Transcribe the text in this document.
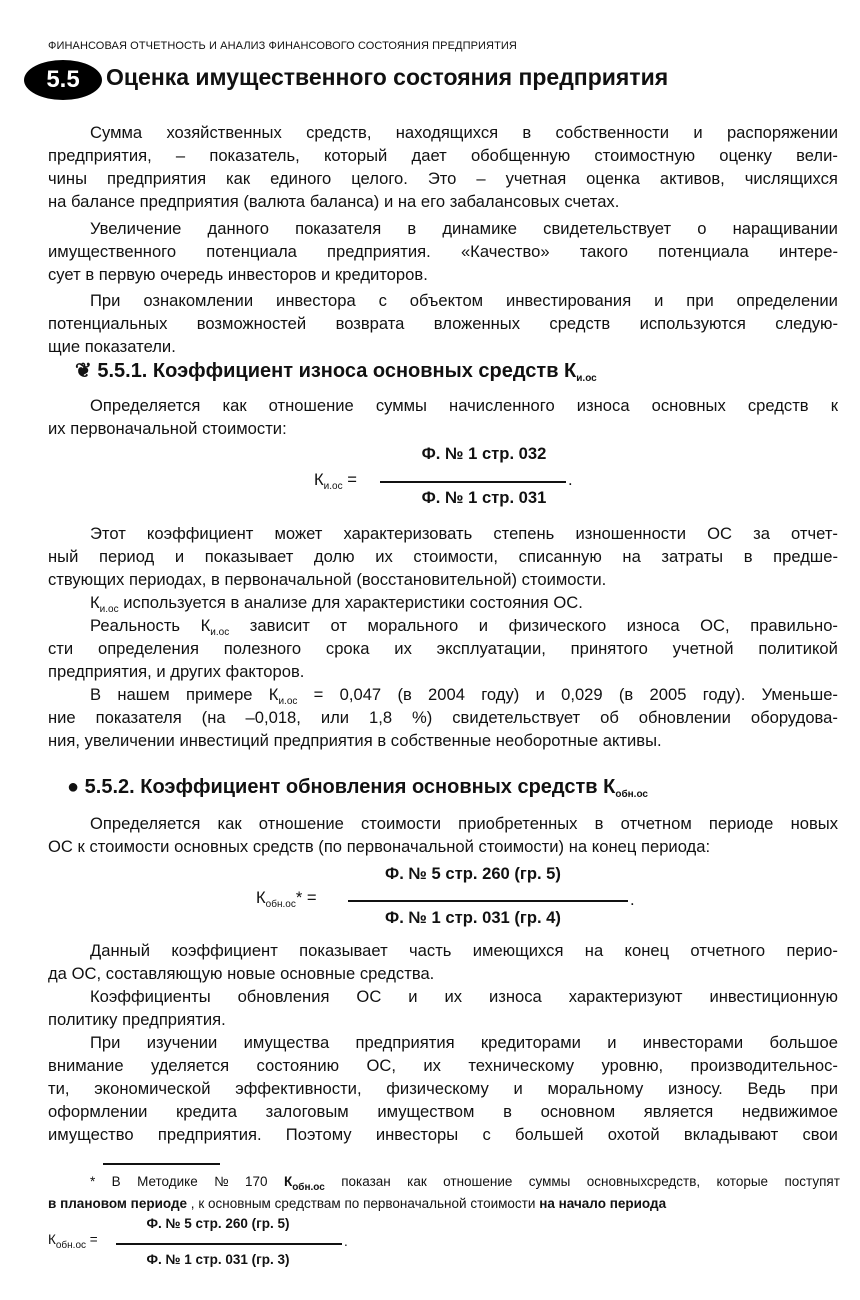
ФИНАНСОВАЯ ОТЧЕТНОСТЬ И АНАЛИЗ ФИНАНСОВОГО СОСТОЯНИЯ ПРЕДПРИЯТИЯ
5.5	Оценка имущественного состояния предприятия
Сумма хозяйственных средств, находящихся в собственности и распоряжении
предприятия, – показатель, который дает обобщенную стоимостную оценку вели-
чины предприятия как единого целого. Это – учетная оценка активов, числящихся
на балансе предприятия (валюта баланса) и на его забалансовых счетах.
Увеличение данного показателя в динамике свидетельствует о наращивании
имущественного потенциала предприятия. «Качество» такого потенциала интере-
сует в первую очередь инвесторов и кредиторов.
При ознакомлении инвестора с объектом инвестирования и при определении
потенциальных возможностей возврата вложенных средств используются следую-
щие показатели.
❦ 5.5.1. Коэффициент износа основных средств $К_{и.ос}$
Определяется как отношение суммы начисленного износа основных средств к
их первоначальной стоимости:
Ф. № 1 стр. 032
$К_{и.ос}$ =	.
Ф. № 1 стр. 031
Этот коэффициент может характеризовать степень изношенности ОС за отчет-
ный период и показывает долю их стоимости, списанную на затраты в предше-
ствующих периодах, в первоначальной (восстановительной) стоимости.
$К_{и.ос}$ используется в анализе для характеристики состояния ОС.
Реальность $К_{и.ос}$ зависит от морального и физического износа ОС, правильно-
сти определения полезного срока их эксплуатации, принятого учетной политикой
предприятия, и других факторов.
В нашем примере $К_{и.ос} = 0,047$ (в 2004 году) и 0,029 (в 2005 году). Уменьше-
ние показателя (на –0,018, или 1,8 %) свидетельствует об обновлении оборудова-
ния, увеличении инвестиций предприятия в собственные необоротные активы.
● 5.5.2. Коэффициент обновления основных средств $К_{обн.ос}$
Определяется как отношение стоимости приобретенных в отчетном периоде новых
ОС к стоимости основных средств (по первоначальной стоимости) на конец периода:
Ф. № 5 стр. 260 (гр. 5)
$К_{обн.ос}*$ =	.
Ф. № 1 стр. 031 (гр. 4)
Данный коэффициент показывает часть имеющихся на конец отчетного перио-
да ОС, составляющую новые основные средства.
Коэффициенты обновления ОС и их износа характеризуют инвестиционную
политику предприятия.
При изучении имущества предприятия кредиторами и инвесторами большое
внимание уделяется состоянию ОС, их техническому уровню, производительнос-
ти, экономической эффективности, физическому и моральному износу. Ведь при
оформлении кредита залоговым имуществом в основном является недвижимое
имущество предприятия. Поэтому инвесторы с большей охотой вкладывают свои
* В Методике № 170 $К_{обн.ос}$ показан как отношение суммы основныхсредств, которые поступят
в плановом периоде , к основным средствам по первоначальной стоимости на начало периода
Ф. № 5 стр. 260 (гр. 5)
$К_{обн.ос}$ =	.
Ф. № 1 стр. 031 (гр. 3)
